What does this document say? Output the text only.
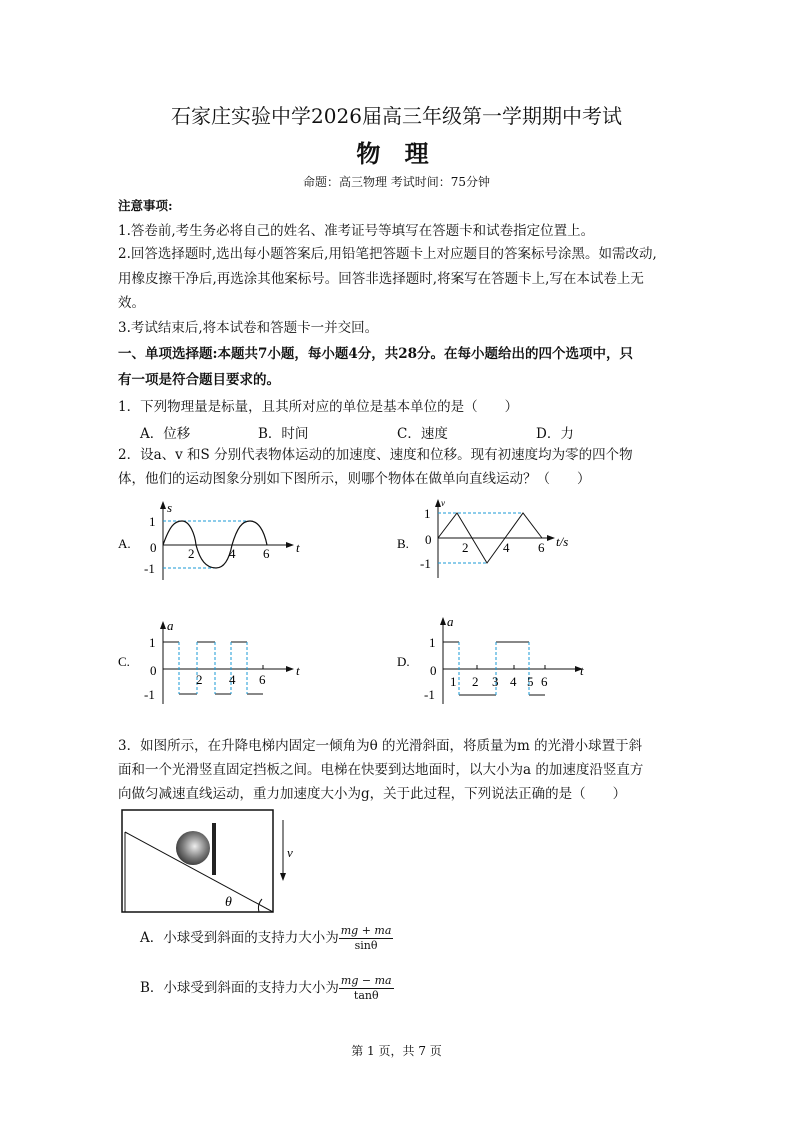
石家庄实验中学2026届高三年级第一学期期中考试
物 理
命题：高三物理 考试时间：75分钟
注意事项:
1.答卷前,考生务必将自己的姓名、准考证号等填写在答题卡和试卷指定位置上。
2.回答选择题时,选出每小题答案后,用铅笔把答题卡上对应题目的答案标号涂黑。如需改动,
用橡皮擦干净后,再选涂其他案标号。回答非选择题时,将案写在答题卡上,写在本试卷上无
效。
3.考试结束后,将本试卷和答题卡一并交回。
一、单项选择题:本题共7小题，每小题4分，共28分。在每小题给出的四个选项中，只
有一项是符合题目要求的。
1．下列物理量是标量，且其所对应的单位是基本单位的是（　　）
A．位移	B．时间	C．速度	D．力
2．设a、v 和S 分别代表物体运动的加速度、速度和位移。现有初速度均为零的四个物
体，他们的运动图象分别如下图所示，则哪个物体在做单向直线运动？（　　）
A.
s
t
1
0
-1
2	4 6
B.
v
t/s
1
0
-1
2	4 6
C.
a
t
1
0
-1
2 4 6
D.
a
t
1
0
-1
1 2 3 4 5 6
θ
v
3．如图所示，在升降电梯内固定一倾角为θ 的光滑斜面，将质量为m 的光滑小球置于斜
面和一个光滑竖直固定挡板之间。电梯在快要到达地面时，以大小为a 的加速度沿竖直方
向做匀减速直线运动，重力加速度大小为g，关于此过程，下列说法正确的是（　　）
A．小球受到斜面的支持力大小为 $\frac{mg + ma}{\sin\theta}$
B．小球受到斜面的支持力大小为 $\frac{mg - ma}{\tan\theta}$
第 1 页，共 7 页
